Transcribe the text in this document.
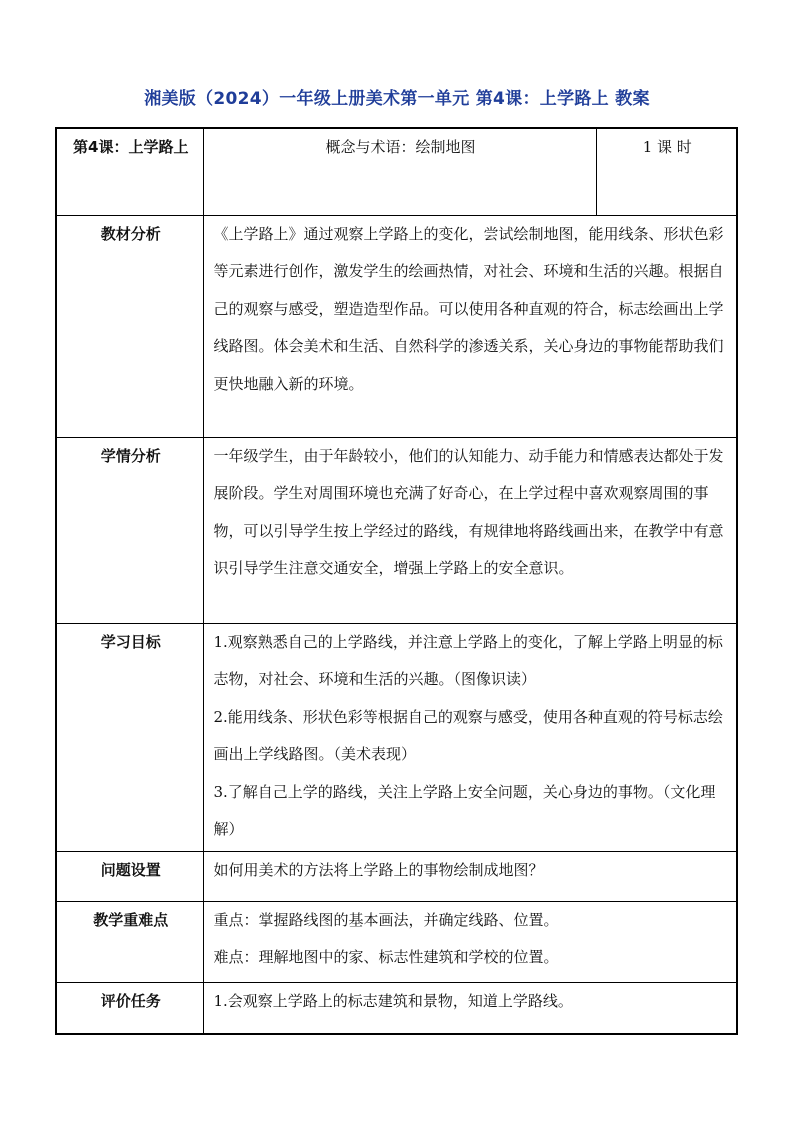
湘美版（2024）一年级上册美术第一单元 第4课：上学路上 教案
第4课：上学路上	概念与术语：绘制地图	1 课 时
教材分析	《上学路上》通过观察上学路上的变化，尝试绘制地图，能用线条、形状色彩等元素进行创作，激发学生的绘画热情，对社会、环境和生活的兴趣。根据自己的观察与感受，塑造造型作品。可以使用各种直观的符合，标志绘画出上学线路图。体会美术和生活、自然科学的渗透关系，关心身边的事物能帮助我们更快地融入新的环境。	

学情分析	一年级学生，由于年龄较小，他们的认知能力、动手能力和情感表达都处于发展阶段。学生对周围环境也充满了好奇心，在上学过程中喜欢观察周围的事物，可以引导学生按上学经过的路线，有规律地将路线画出来，在教学中有意识引导学生注意交通安全，增强上学路上的安全意识。	

学习目标	1.观察熟悉自己的上学路线，并注意上学路上的变化，了解上学路上明显的标志物，对社会、环境和生活的兴趣。（图像识读）

2.能用线条、形状色彩等根据自己的观察与感受，使用各种直观的符号标志绘画出上学线路图。（美术表现）

3.了解自己上学的路线，关注上学路上安全问题，关心身边的事物。（文化理解）	

问题设置	如何用美术的方法将上学路上的事物绘制成地图？	

教学重难点	重点：掌握路线图的基本画法，并确定线路、位置。

难点：理解地图中的家、标志性建筑和学校的位置。	

评价任务	1.会观察上学路上的标志建筑和景物，知道上学路线。	
